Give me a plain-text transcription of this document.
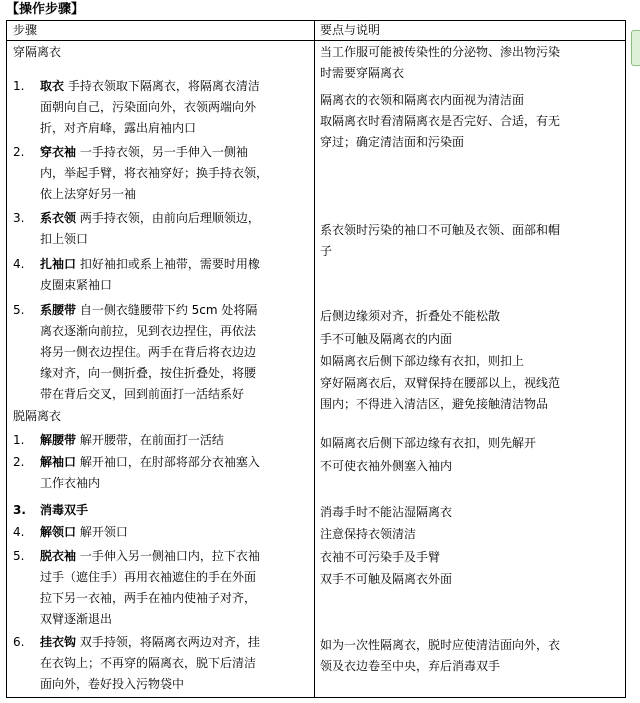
【操作步骤】
步骤	要点与说明
穿隔离衣
1. 取衣 手持衣领取下隔离衣，将隔离衣清洁
面朝向自己，污染面向外，衣领两端向外
折，对齐肩峰，露出肩袖内口
2. 穿衣袖 一手持衣领，另一手伸入一侧袖
内，举起手臂，将衣袖穿好；换手持衣领，
依上法穿好另一袖
3. 系衣领 两手持衣领，由前向后理顺领边，
扣上领口
4. 扎袖口 扣好袖扣或系上袖带，需要时用橡
皮圈束紧袖口
5. 系腰带 自一侧衣缝腰带下约 5cm 处将隔
离衣逐渐向前拉，见到衣边捏住，再依法
将另一侧衣边捏住。两手在背后将衣边边
缘对齐，向一侧折叠，按住折叠处，将腰
带在背后交叉，回到前面打一活结系好
脱隔离衣
1. 解腰带 解开腰带，在前面打一活结
2. 解袖口 解开袖口，在肘部将部分衣袖塞入
工作衣袖内
3. 消毒双手
4. 解领口 解开领口
5. 脱衣袖 一手伸入另一侧袖口内，拉下衣袖
过手（遮住手）再用衣袖遮住的手在外面
拉下另一衣袖，两手在袖内使袖子对齐，
双臂逐渐退出
6. 挂衣钩 双手持领，将隔离衣两边对齐，挂
在衣钩上；不再穿的隔离衣，脱下后清洁
面向外，卷好投入污物袋中
当工作服可能被传染性的分泌物、渗出物污染
时需要穿隔离衣
隔离衣的衣领和隔离衣内面视为清洁面
取隔离衣时看清隔离衣是否完好、合适，有无
穿过；确定清洁面和污染面
系衣领时污染的袖口不可触及衣领、面部和帽
子
后侧边缘须对齐，折叠处不能松散
手不可触及隔离衣的内面
如隔离衣后侧下部边缘有衣扣，则扣上
穿好隔离衣后，双臂保持在腰部以上，视线范
围内；不得进入清洁区，避免接触清洁物品
如隔离衣后侧下部边缘有衣扣，则先解开
不可使衣袖外侧塞入袖内
消毒手时不能沾湿隔离衣
注意保持衣领清洁
衣袖不可污染手及手臂
双手不可触及隔离衣外面
如为一次性隔离衣，脱时应使清洁面向外，衣
领及衣边卷至中央，弃后消毒双手
